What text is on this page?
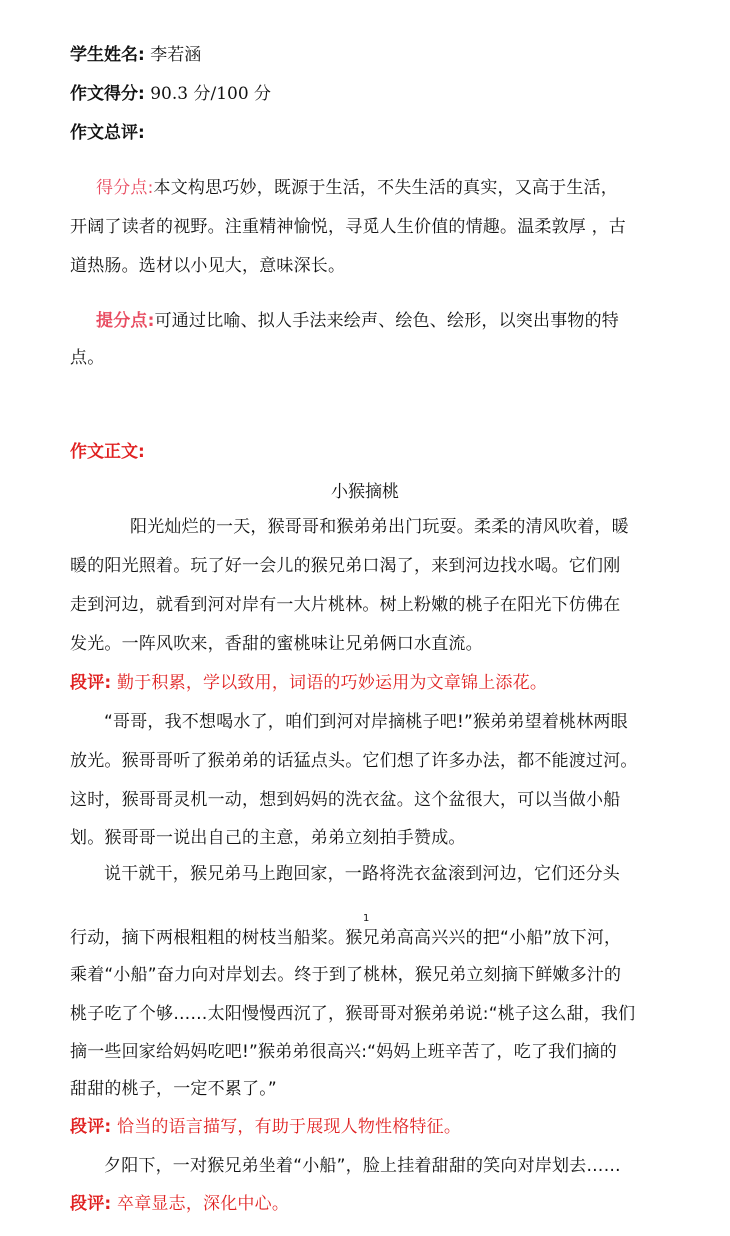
学生姓名: 李若涵
作文得分: 90.3 分/100 分
作文总评:
得分点:本文构思巧妙，既源于生活，不失生活的真实，又高于生活，
开阔了读者的视野。注重精神愉悦，寻觅人生价值的情趣。温柔敦厚 ，古
道热肠。选材以小见大，意味深长。
提分点:可通过比喻、拟人手法来绘声、绘色、绘形，以突出事物的特
点。
作文正文:
小猴摘桃
阳光灿烂的一天，猴哥哥和猴弟弟出门玩耍。柔柔的清风吹着，暖
暖的阳光照着。玩了好一会儿的猴兄弟口渴了，来到河边找水喝。它们刚
走到河边，就看到河对岸有一大片桃林。树上粉嫩的桃子在阳光下仿佛在
发光。一阵风吹来，香甜的蜜桃味让兄弟俩口水直流。
段评: 勤于积累，学以致用，词语的巧妙运用为文章锦上添花。
“哥哥，我不想喝水了，咱们到河对岸摘桃子吧!”猴弟弟望着桃林两眼
放光。猴哥哥听了猴弟弟的话猛点头。它们想了许多办法，都不能渡过河。
这时，猴哥哥灵机一动，想到妈妈的洗衣盆。这个盆很大，可以当做小船
划。猴哥哥一说出自己的主意，弟弟立刻拍手赞成。
说干就干，猴兄弟马上跑回家，一路将洗衣盆滚到河边，它们还分头
1
行动，摘下两根粗粗的树枝当船桨。猴兄弟高高兴兴的把“小船”放下河，
乘着“小船”奋力向对岸划去。终于到了桃林，猴兄弟立刻摘下鲜嫩多汁的
桃子吃了个够……太阳慢慢西沉了，猴哥哥对猴弟弟说:“桃子这么甜，我们
摘一些回家给妈妈吃吧!”猴弟弟很高兴:“妈妈上班辛苦了，吃了我们摘的
甜甜的桃子，一定不累了。”
段评: 恰当的语言描写，有助于展现人物性格特征。
夕阳下，一对猴兄弟坐着“小船”，脸上挂着甜甜的笑向对岸划去……
段评: 卒章显志，深化中心。
